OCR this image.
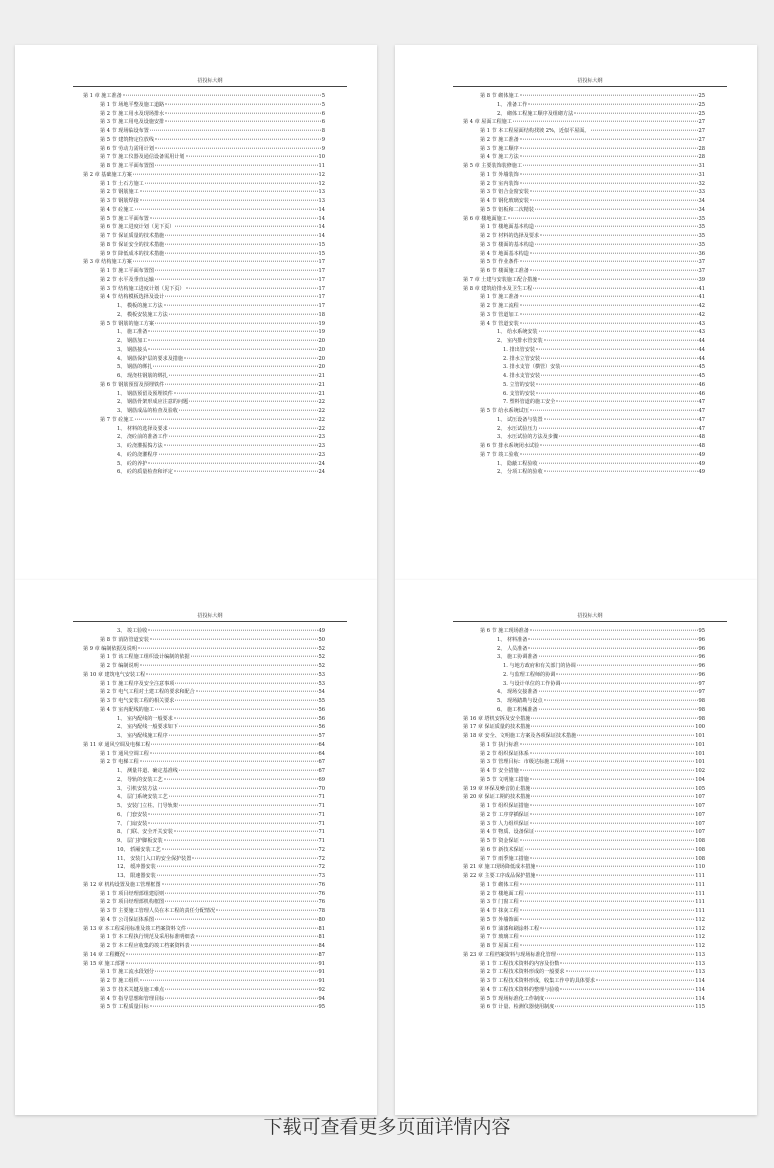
招投标大纲
第 1 章 施工准备	5
第 1 节 场地平整及施工道路	5
第 2 节 施工用水及现场排水	6
第 3 节 施工用电及设施安排	6
第 4 节 现场临设布置	8
第 5 节 建筑物定位放线	9
第 6 节 劳动力需用计划	9
第 7 节 施工仪器及通信设备需用计划	10
第 8 节 施工平面布置图	11
第 2 章 基础施工方案	12
第 1 节 土石方施工	12
第 2 节 钢筋施工	13
第 3 节 钢筋焊接	13
第 4 节 砼施工	14
第 5 节 施工平面布置	14
第 6 节 施工进度计划（见下页）	14
第 7 节 保证质量的技术措施	14
第 8 节 保证安全的技术措施	15
第 9 节 降低成本的技术措施	15
第 3 章 结构施工方案	17
第 1 节 施工平面布置图	17
第 2 节 水平及垂直运输	17
第 3 节 结构施工进度计划（见下页）	17
第 4 节 结构模板选择及设计	17
1、 模板的施工方法	17
2、 模板安装施工方法	18
第 5 节 钢筋的施工方案	19
1、 施工准备	19
2、 钢筋加工	20
3、 钢筋接头	20
4、 钢筋保护层的要求及措施	20
5、 钢筋的绑扎	20
6、 现浇柱钢筋的绑扎	21
第 6 节 钢筋预留及预埋铁件	21
1、 钢筋预留及预埋铁件	21
2、 钢筋骨架形成应注意的问题	22
3、 钢筋成品的检查及验收	22
第 7 节 砼施工	22
1、 材料的选择及要求	22
2、 浇砼前的准备工作	23
3、 砼浇灌振捣方法	23
4、 砼的浇灌程序	23
5、 砼的养护	24
6、 砼的质量检查和评定	24
招投标大纲
第 8 节 砌体施工	25
1、 准备工作	25
2、 砌体工程施工顺序及组砌方法	25
第 4 章 屋面工程施工	27
第 1 节 本工程屋面结构找坡 2%，近似平屋面。	27
第 2 节 施工准备	27
第 3 节 施工顺序	28
第 4 节 施工方法	28
第 5 章 主要装饰装修施工	31
第 1 节 外墙装饰	31
第 2 节 室内装饰	32
第 3 节 铝合金窗安装	33
第 4 节 钢化玻璃安装	34
第 5 节 铝板和二次精装	34
第 6 章 楼地面施工	35
第 1 节 楼地面基本构造	35
第 2 节 材料的选择及要求	35
第 3 节 楼面的基本构造	35
第 4 节 地面基本构造	36
第 5 节 作业条件	37
第 6 节 楼面施工准备	37
第 7 章 土建与安装施工配合措施	39
第 8 章 建筑给排水及卫生工程	41
第 1 节 施工准备	41
第 2 节 施工流程	42
第 3 节 管道加工	42
第 4 节 管道安装	43
1、 给水系统安装	43
2、 室内排水管安装	44
1. 排出管安装	44
2. 排水立管安装	44
3. 排水支管（横管）安装	45
4. 排水支管安装	45
5. 立管的安装	46
6. 支管的安装	46
7. 塑料管道的施工安全	47
第 5 节 给水系统试压	47
1、 试压设备与装置	47
2、 水压试验压力	47
3、 水压试验的方法及步骤	48
第 6 节 排水系统闭水试验	48
第 7 节 竣工验收	49
1、 隐蔽工程验收	49
2、 分项工程的验收	49
招投标大纲
3、 竣工验收	49
第 8 节 消防管道安装	50
第 9 章 编制依据及说明	52
第 1 节 该工程施工组织设计编制的依据	52
第 2 节 编制说明	52
第 10 章 建筑电气安装工程	53
第 1 节 施工程序及安全注意事项	53
第 2 节 电气工程对土建工程的要求和配合	54
第 3 节 电气安装工程的相关要求	55
第 4 节 室内配线的施工	56
1、 室内配线的一般要求	56
2、 室内配线一般要求如下	56
3、 室内配线施工程序	57
第 11 章 通风空调及电梯工程	64
第 1 节 通风空调工程	64
第 2 节 电梯工程	67
1、 测量井道、确定基准线	67
2、 导轨的安装工艺	69
3、 引机安装方法	70
4、 层门系统安装工艺	71
5、 安装门立柱、门导轨架	71
6、 门套安装	71
7、 门扇安装	71
8、 门联、安全开关安装	71
9、 层门护脚板安装	71
10、 轿厢安装工艺	72
11、 安装门入口的安全保护装置	72
12、 缓冲器安装	72
13、 限速器安装	73
第 12 章 机构设置及施工管理框图	76
第 1 节 项目经理部组建原则	76
第 2 节 项目经理部机构框图	76
第 3 节 主要施工管理人员在本工程的责任分配情况	78
第 4 节 公司保证体系图	80
第 13 章 本工程采用标准及竣工档案资料文件	81
第 1 节 本工程执行规范及采用标准明细表	81
第 2 节 本工程应收集的竣工档案资料表	84
第 14 章 工程概况	87
第 15 章 施工部署	91
第 1 节 施工流水段划分	91
第 2 节 施工组织	91
第 3 节 技术关键及施工难点	92
第 4 节 指导思想和管理目标	94
第 5 节 工程质量目标	95
招投标大纲
第 6 节 施工现场准备	95
1、 材料准备	96
2、 人员准备	96
3、 施工协调准备	96
1. 与地方政府和有关部门的协调	96
2. 与监理工程师的协调	96
3. 与设计单位的工作协调	97
4、 现场交接准备	97
5、 现场踏勘与设点	98
6、 施工机械准备	98
第 16 章 塔机安拆及安全措施	98
第 17 章 保证质量的技术措施	100
第 18 章 安全、文明施工方案及各项保证技术措施	101
第 1 节 执行标准	101
第 2 节 组织保证体系	101
第 3 节 管理目标：市级达标施工现场	101
第 4 节 安全措施	102
第 5 节 文明施工措施	104
第 19 章 环保及噪音防止措施	105
第 20 章 保证工期的技术措施	107
第 1 节 组织保证措施	107
第 2 节 工序穿插保证	107
第 3 节 人力组织保证	107
第 4 节 物质、设备保证	107
第 5 节 资金保证	108
第 6 节 新技术保证	108
第 7 节 雨季施工措施	108
第 21 章 施工现场降低成本措施	110
第 22 章 主要工序成品保护措施	111
第 1 节 砌体工程	111
第 2 节 楼地面工程	111
第 3 节 门窗工程	111
第 4 节 抹灰工程	111
第 5 节 外墙饰面	112
第 6 节 油漆和刷涂料工程	112
第 7 节 玻璃工程	112
第 8 节 屋面工程	112
第 23 章 工程档案资料与现场标准化管理	113
第 1 节 工程技术资料的内容及份数	113
第 2 节 工程技术资料形成的一般要求	113
第 3 节 工程技术资料形成，收集工作中的具体要求	114
第 4 节 工程技术资料的整理与验收	114
第 5 节 现场标准化工作制度	114
第 6 节 计量、检测仪器使用制度	115
下载可查看更多页面详情内容
